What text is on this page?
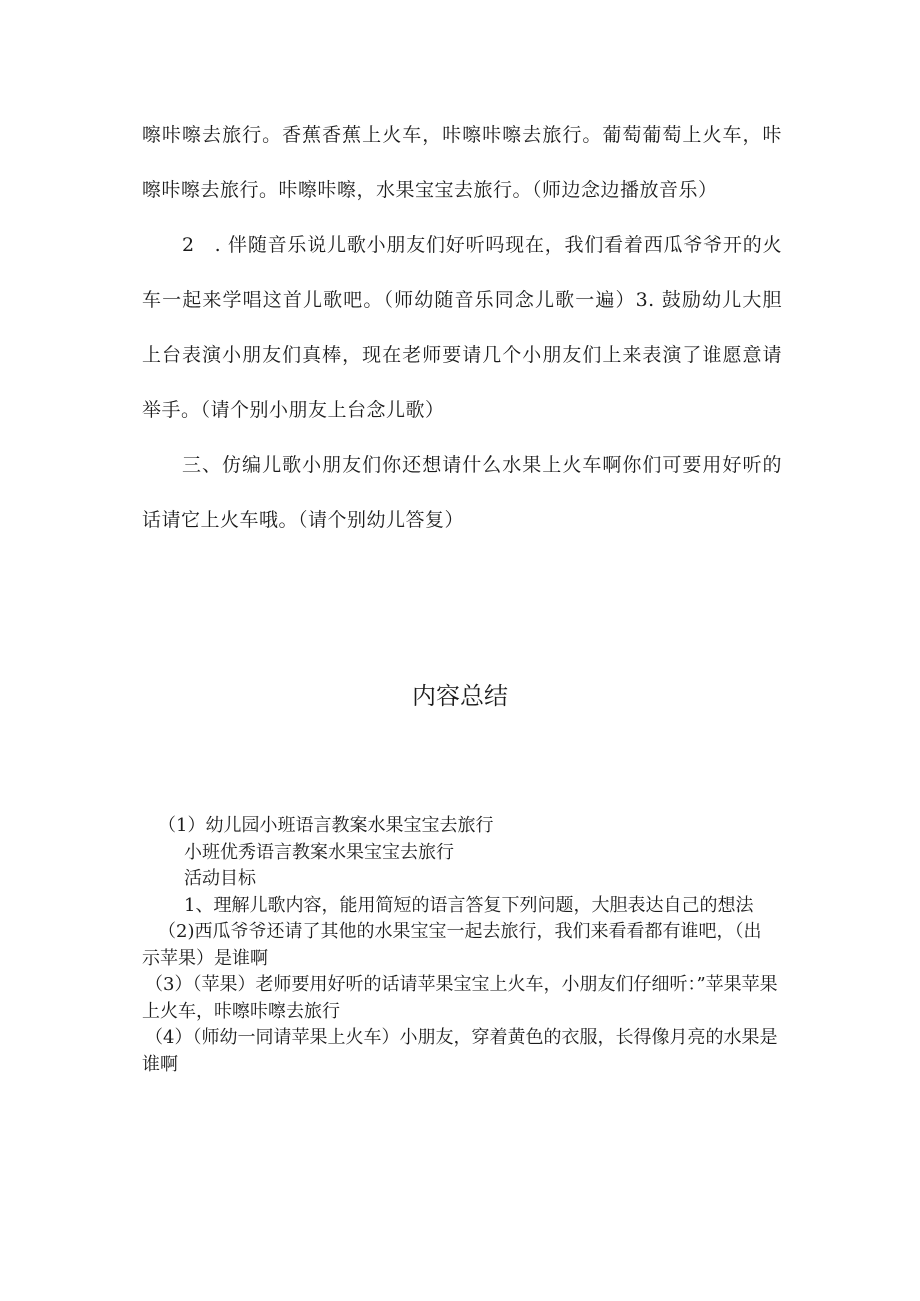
嚓咔嚓去旅行。香蕉香蕉上火车，咔嚓咔嚓去旅行。葡萄葡萄上火车，咔嚓咔嚓去旅行。咔嚓咔嚓，水果宝宝去旅行。（师边念边播放音乐）

2　. 伴随音乐说儿歌小朋友们好听吗现在，我们看着西瓜爷爷开的火车一起来学唱这首儿歌吧。（师幼随音乐同念儿歌一遍）3. 鼓励幼儿大胆上台表演小朋友们真棒，现在老师要请几个小朋友们上来表演了谁愿意请举手。（请个别小朋友上台念儿歌）

三、仿编儿歌小朋友们你还想请什么水果上火车啊你们可要用好听的话请它上火车哦。（请个别幼儿答复）

内容总结

（1）幼儿园小班语言教案水果宝宝去旅行

小班优秀语言教案水果宝宝去旅行

活动目标

1、理解儿歌内容，能用简短的语言答复下列问题，大胆表达自己的想法

（2)西瓜爷爷还请了其他的水果宝宝一起去旅行，我们来看看都有谁吧，（出示苹果）是谁啊

（3）（苹果）老师要用好听的话请苹果宝宝上火车，小朋友们仔细听：”苹果苹果上火车，咔嚓咔嚓去旅行

（4）（师幼一同请苹果上火车）小朋友，穿着黄色的衣服，长得像月亮的水果是谁啊
